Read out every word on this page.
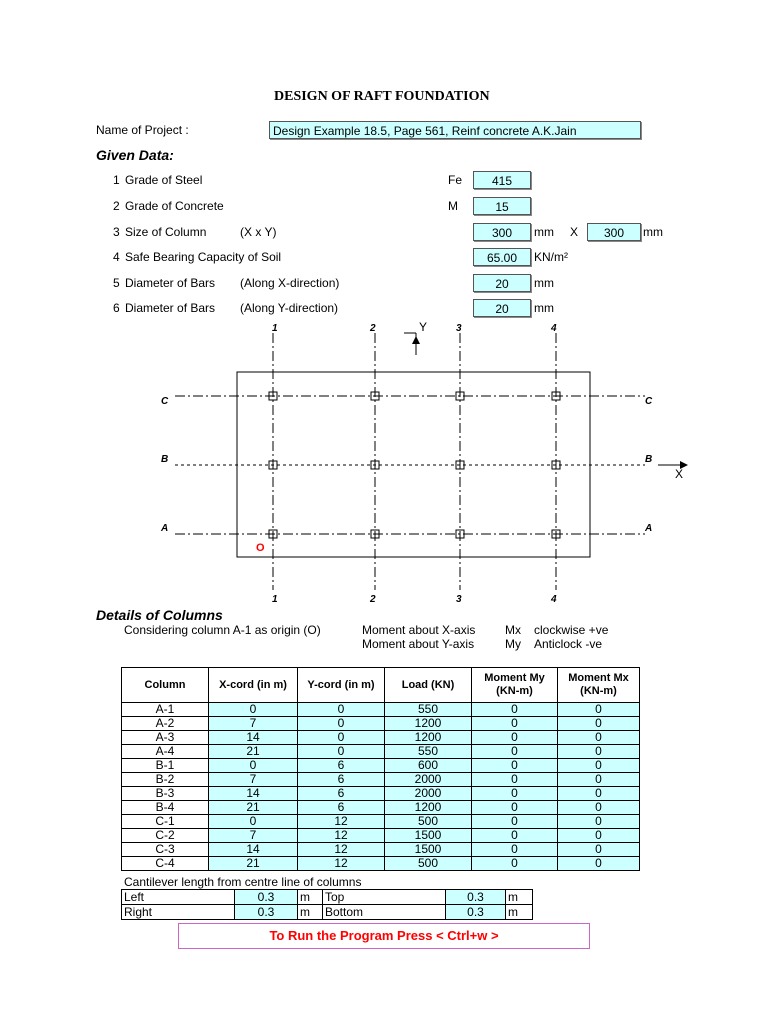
DESIGN OF RAFT FOUNDATION
Name of Project :	Design Example 18.5, Page 561, Reinf concrete A.K.Jain
Given Data:
1 Grade of Steel	Fe	415
2 Grade of Concrete	M	15
3 Size of Column	(X x Y)	300	mm X	300	mm
4 Safe Bearing Capacity of Soil	65.00	KN/m²
5 Diameter of Bars (Along X-direction)	20	mm
6 Diameter of Bars (Along Y-direction)	20	mm
1	2	3	4
1	2	3	4
C
B
A
C
B
A
Y
X
O
Details of Columns
Considering column A-1 as origin (O)	Moment about X-axis Mx clockwise +ve
Moment about Y-axis	My Anticlock -ve
Column	X-cord (in m)	Y-cord (in m)	Load (KN)	Moment My (KN-m)	Moment Mx (KN-m)
A-1	0	0	550	0	0
A-2	7	0	1200	0	0
A-3	14	0	1200	0	0
A-4	21	0	550	0	0
B-1	0	6	600	0	0
B-2	7	6	2000	0	0
B-3	14	6	2000	0	0
B-4	21	6	1200	0	0
C-1	0	12	500	0	0
C-2	7	12	1500	0	0
C-3	14	12	1500	0	0
C-4	21	12	500	0	0
Cantilever length from centre line of columns
Left	0.3	m	Top	0.3	m
Right	0.3	m	Bottom	0.3	m
To Run the Program Press < Ctrl+w >
